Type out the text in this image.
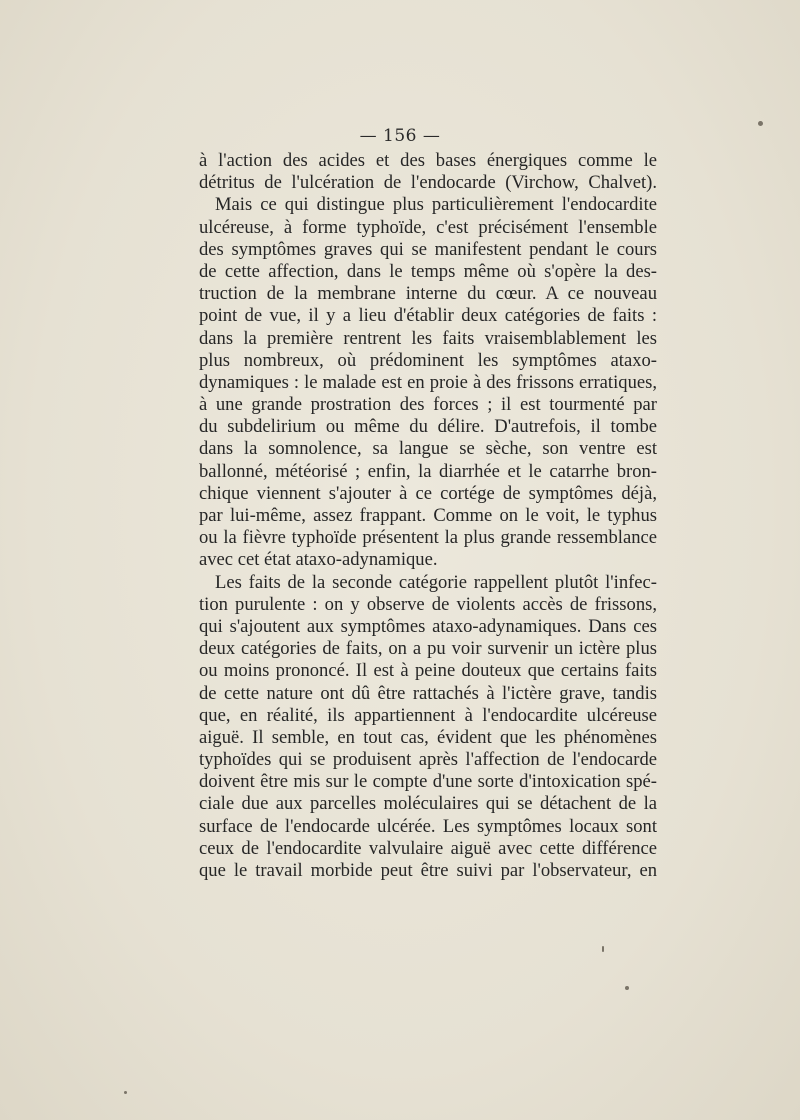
— 156 —
à l'action des acides et des bases énergiques comme le
détritus de l'ulcération de l'endocarde (Virchow, Chalvet).
Mais ce qui distingue plus particulièrement l'endocardite
ulcéreuse, à forme typhoïde, c'est précisément l'ensemble
des symptômes graves qui se manifestent pendant le cours
de cette affection, dans le temps même où s'opère la des-
truction de la membrane interne du cœur. A ce nouveau
point de vue, il y a lieu d'établir deux catégories de faits :
dans la première rentrent les faits vraisemblablement les
plus nombreux, où prédominent les symptômes ataxo-
dynamiques : le malade est en proie à des frissons erratiques,
à une grande prostration des forces ; il est tourmenté par
du subdelirium ou même du délire. D'autrefois, il tombe
dans la somnolence, sa langue se sèche, son ventre est
ballonné, météorisé ; enfin, la diarrhée et le catarrhe bron-
chique viennent s'ajouter à ce cortége de symptômes déjà,
par lui-même, assez frappant. Comme on le voit, le typhus
ou la fièvre typhoïde présentent la plus grande ressemblance
avec cet état ataxo-adynamique.
Les faits de la seconde catégorie rappellent plutôt l'infec-
tion purulente : on y observe de violents accès de frissons,
qui s'ajoutent aux symptômes ataxo-adynamiques. Dans ces
deux catégories de faits, on a pu voir survenir un ictère plus
ou moins prononcé. Il est à peine douteux que certains faits
de cette nature ont dû être rattachés à l'ictère grave, tandis
que, en réalité, ils appartiennent à l'endocardite ulcéreuse
aiguë. Il semble, en tout cas, évident que les phénomènes
typhoïdes qui se produisent après l'affection de l'endocarde
doivent être mis sur le compte d'une sorte d'intoxication spé-
ciale due aux parcelles moléculaires qui se détachent de la
surface de l'endocarde ulcérée. Les symptômes locaux sont
ceux de l'endocardite valvulaire aiguë avec cette différence
que le travail morbide peut être suivi par l'observateur, en
